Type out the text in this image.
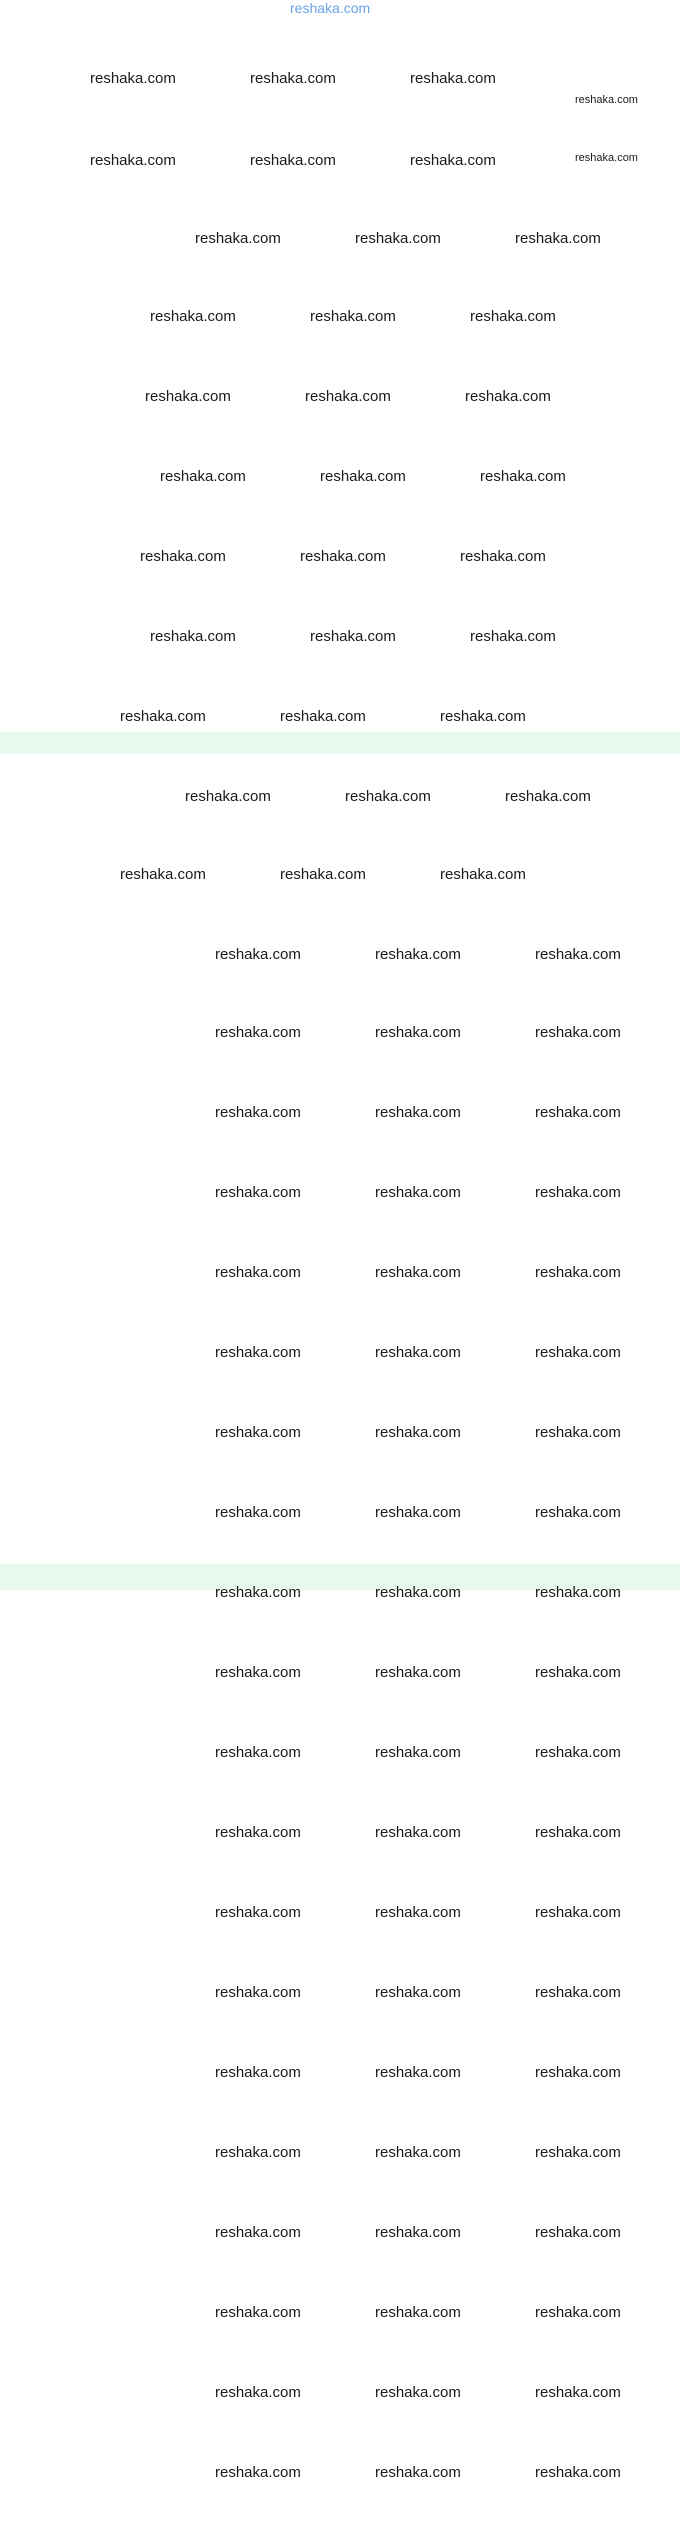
reshaka.com
reshaka.com	reshaka.com	reshaka.com
reshaka.com
reshaka.com	reshaka.com	reshaka.com	reshaka.com
reshaka.com	reshaka.com	reshaka.com
reshaka.com	reshaka.com	reshaka.com
reshaka.com	reshaka.com	reshaka.com
reshaka.com	reshaka.com	reshaka.com
reshaka.com	reshaka.com	reshaka.com
reshaka.com	reshaka.com	reshaka.com
reshaka.com	reshaka.com	reshaka.com
reshaka.com	reshaka.com	reshaka.com
reshaka.com	reshaka.com	reshaka.com
reshaka.com	reshaka.com	reshaka.com
reshaka.com	reshaka.com	reshaka.com
reshaka.com	reshaka.com	reshaka.com
reshaka.com	reshaka.com	reshaka.com
reshaka.com	reshaka.com	reshaka.com
reshaka.com	reshaka.com	reshaka.com
reshaka.com	reshaka.com	reshaka.com
reshaka.com	reshaka.com	reshaka.com
reshaka.com	reshaka.com	reshaka.com
reshaka.com	reshaka.com	reshaka.com
reshaka.com	reshaka.com	reshaka.com
reshaka.com	reshaka.com	reshaka.com
reshaka.com	reshaka.com	reshaka.com
reshaka.com	reshaka.com	reshaka.com
reshaka.com	reshaka.com	reshaka.com
reshaka.com	reshaka.com	reshaka.com
reshaka.com	reshaka.com	reshaka.com
reshaka.com	reshaka.com	reshaka.com
reshaka.com	reshaka.com	reshaka.com
reshaka.com	reshaka.com	reshaka.com
